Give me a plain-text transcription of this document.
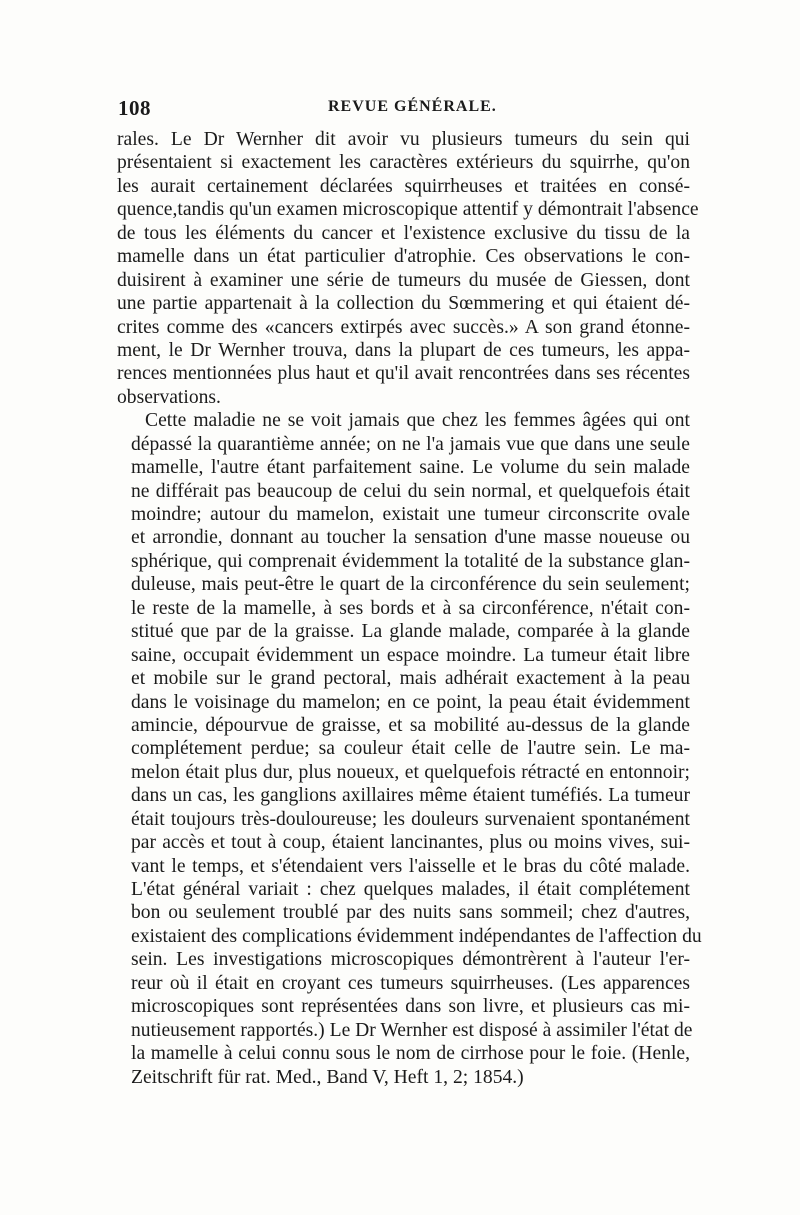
108	REVUE GÉNÉRALE.
rales. Le Dr Wernher dit avoir vu plusieurs tumeurs du sein qui
présentaient si exactement les caractères extérieurs du squirrhe, qu'on
les aurait certainement déclarées squirrheuses et traitées en consé-
quence,tandis qu'un examen microscopique attentif y démontrait l'absence
de tous les éléments du cancer et l'existence exclusive du tissu de la
mamelle dans un état particulier d'atrophie. Ces observations le con-
duisirent à examiner une série de tumeurs du musée de Giessen, dont
une partie appartenait à la collection du Sœmmering et qui étaient dé-
crites comme des «cancers extirpés avec succès.» A son grand étonne-
ment, le Dr Wernher trouva, dans la plupart de ces tumeurs, les appa-
rences mentionnées plus haut et qu'il avait rencontrées dans ses récentes
observations.
Cette maladie ne se voit jamais que chez les femmes âgées qui ont
dépassé la quarantième année; on ne l'a jamais vue que dans une seule
mamelle, l'autre étant parfaitement saine. Le volume du sein malade
ne différait pas beaucoup de celui du sein normal, et quelquefois était
moindre; autour du mamelon, existait une tumeur circonscrite ovale
et arrondie, donnant au toucher la sensation d'une masse noueuse ou
sphérique, qui comprenait évidemment la totalité de la substance glan-
duleuse, mais peut-être le quart de la circonférence du sein seulement;
le reste de la mamelle, à ses bords et à sa circonférence, n'était con-
stitué que par de la graisse. La glande malade, comparée à la glande
saine, occupait évidemment un espace moindre. La tumeur était libre
et mobile sur le grand pectoral, mais adhérait exactement à la peau
dans le voisinage du mamelon; en ce point, la peau était évidemment
amincie, dépourvue de graisse, et sa mobilité au-dessus de la glande
complétement perdue; sa couleur était celle de l'autre sein. Le ma-
melon était plus dur, plus noueux, et quelquefois rétracté en entonnoir;
dans un cas, les ganglions axillaires même étaient tuméfiés. La tumeur
était toujours très-douloureuse; les douleurs survenaient spontanément
par accès et tout à coup, étaient lancinantes, plus ou moins vives, sui-
vant le temps, et s'étendaient vers l'aisselle et le bras du côté malade.
L'état général variait : chez quelques malades, il était complétement
bon ou seulement troublé par des nuits sans sommeil; chez d'autres,
existaient des complications évidemment indépendantes de l'affection du
sein. Les investigations microscopiques démontrèrent à l'auteur l'er-
reur où il était en croyant ces tumeurs squirrheuses. (Les apparences
microscopiques sont représentées dans son livre, et plusieurs cas mi-
nutieusement rapportés.) Le Dr Wernher est disposé à assimiler l'état de
la mamelle à celui connu sous le nom de cirrhose pour le foie. (Henle,
Zeitschrift für rat. Med., Band V, Heft 1, 2; 1854.)
